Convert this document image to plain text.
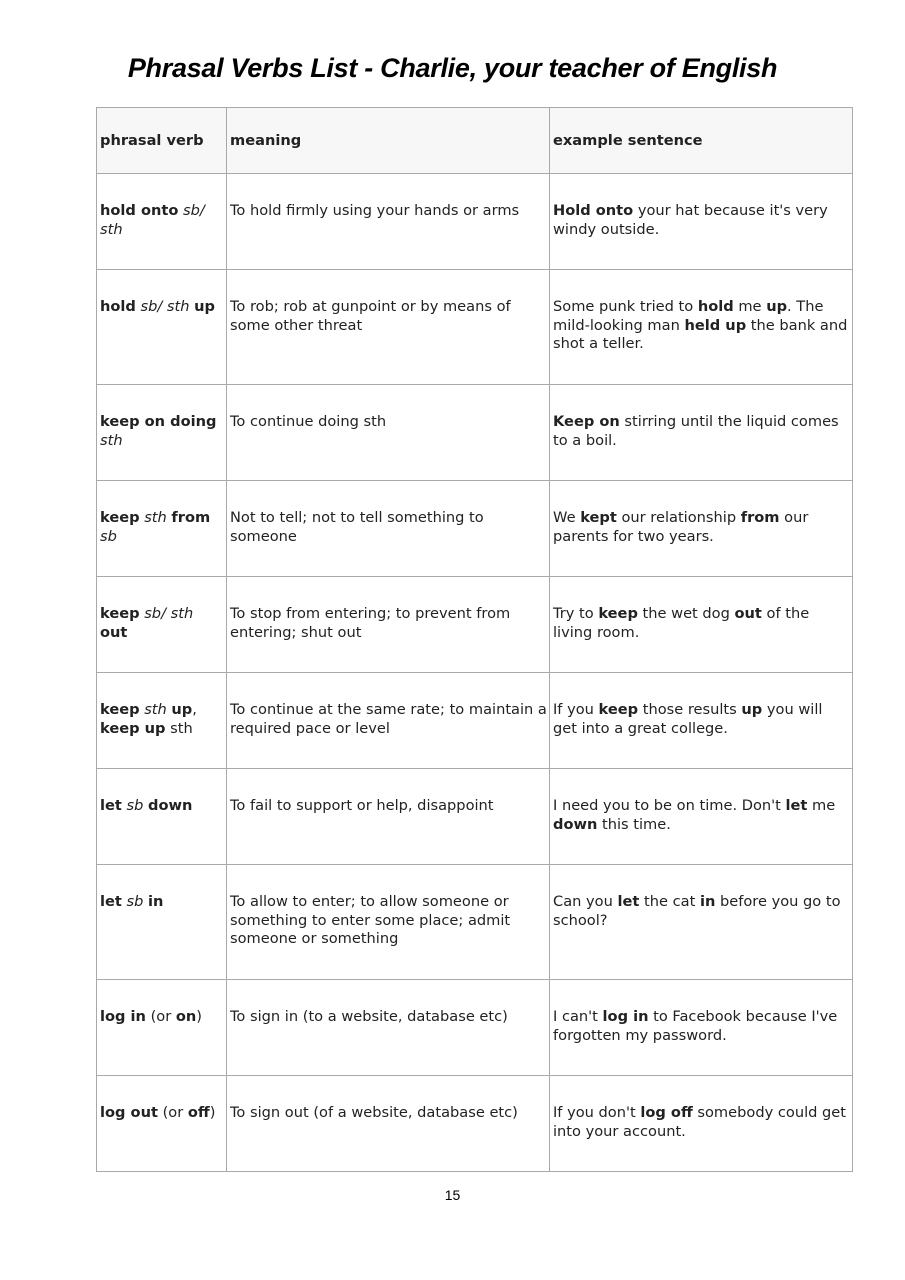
Phrasal Verbs List - Charlie, your teacher of English
phrasal verb	meaning	example sentence

hold onto sb/ sth	To hold firmly using your hands or arms	Hold onto your hat because it's very windy outside.

hold sb/ sth up	To rob; rob at gunpoint or by means of some other threat	Some punk tried to hold me up. The mild-looking man held up the bank and shot a teller.

keep on doing sth	To continue doing sth	Keep on stirring until the liquid comes to a boil.

keep sth from sb	Not to tell; not to tell something to someone	We kept our relationship from our parents for two years.

keep sb/ sth out	To stop from entering; to prevent from entering; shut out	Try to keep the wet dog out of the living room.

keep sth up, keep up sth	To continue at the same rate; to maintain a required pace or level	If you keep those results up you will get into a great college.

let sb down	To fail to support or help, disappoint	I need you to be on time. Don't let me down this time.

let sb in	To allow to enter; to allow someone or something to enter some place; admit someone or something	Can you let the cat in before you go to school?

log in (or on)	To sign in (to a website, database etc)	I can't log in to Facebook because I've forgotten my password.

log out (or off)	To sign out (of a website, database etc)	If you don't log off somebody could get into your account.
15
